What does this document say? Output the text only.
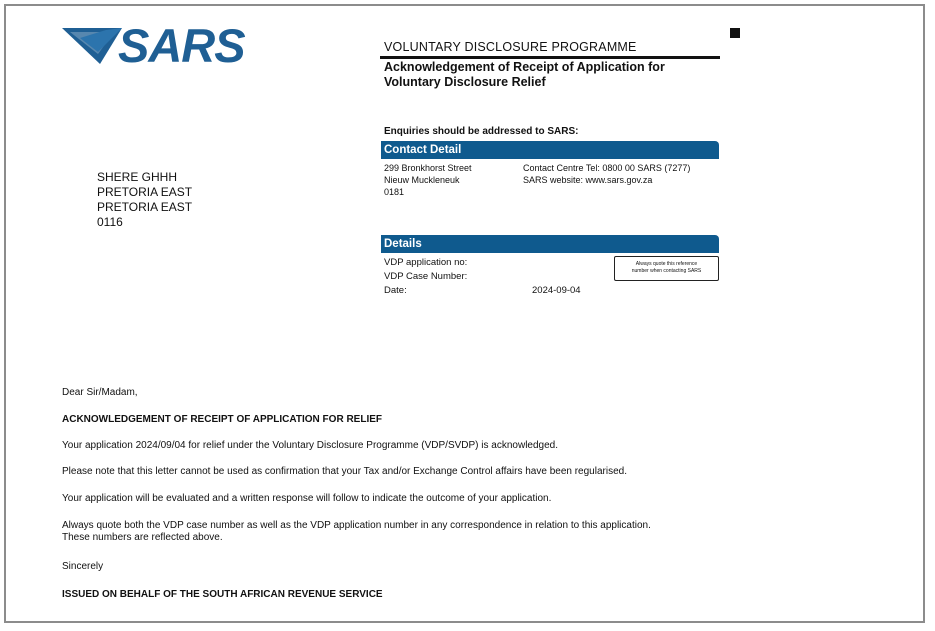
SARS	VOLUNTARY DISCLOSURE PROGRAMME
Acknowledgement of Receipt of Application for
Voluntary Disclosure Relief
SHERE GHHH
PRETORIA EAST
PRETORIA EAST
0116
Enquiries should be addressed to SARS:
Contact Detail
299 Bronkhorst Street
Nieuw Muckleneuk
0181
Contact Centre Tel: 0800 00 SARS (7277)
SARS website: www.sars.gov.za
Details
VDP application no:
VDP Case Number:
Date:	2024-09-04
Always quote this reference
number when contacting SARS
Dear Sir/Madam,
ACKNOWLEDGEMENT OF RECEIPT OF APPLICATION FOR RELIEF
Your application 2024/09/04 for relief under the Voluntary Disclosure Programme (VDP/SVDP) is acknowledged.
Please note that this letter cannot be used as confirmation that your Tax and/or Exchange Control affairs have been regularised.
Your application will be evaluated and a written response will follow to indicate the outcome of your application.
Always quote both the VDP case number as well as the VDP application number in any correspondence in relation to this application.
These numbers are reflected above.
Sincerely
ISSUED ON BEHALF OF THE SOUTH AFRICAN REVENUE SERVICE
